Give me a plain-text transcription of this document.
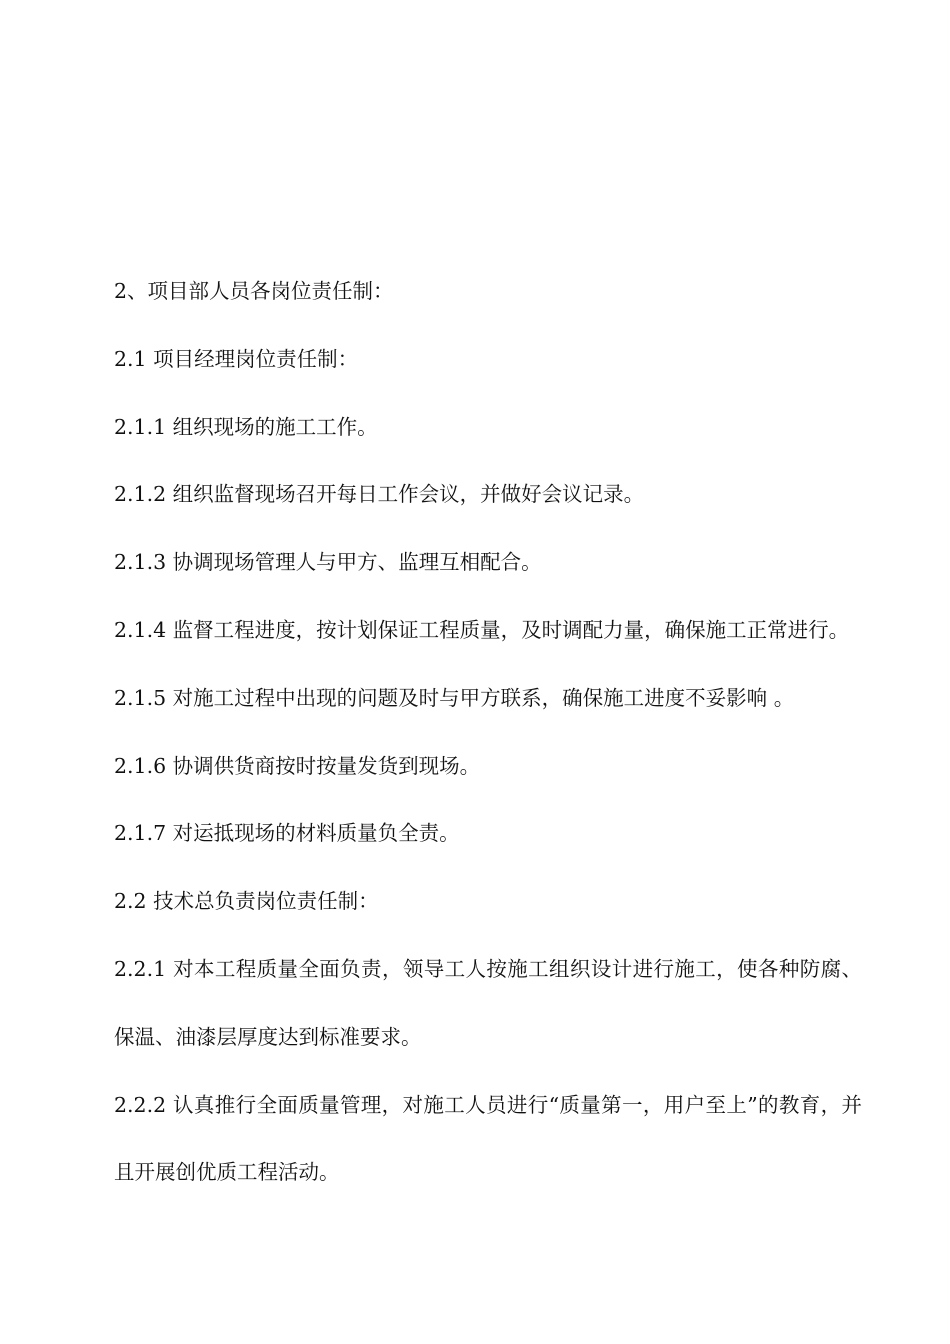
2、项目部人员各岗位责任制：

2.1 项目经理岗位责任制：

2.1.1 组织现场的施工工作。

2.1.2 组织监督现场召开每日工作会议，并做好会议记录。

2.1.3 协调现场管理人与甲方、监理互相配合。

2.1.4 监督工程进度，按计划保证工程质量，及时调配力量，确保施工正常进行。

2.1.5 对施工过程中出现的问题及时与甲方联系，确保施工进度不妥影响 。

2.1.6 协调供货商按时按量发货到现场。

2.1.7 对运抵现场的材料质量负全责。

2.2 技术总负责岗位责任制：

2.2.1 对本工程质量全面负责，领导工人按施工组织设计进行施工，使各种防腐、保温、油漆层厚度达到标准要求。

2.2.2 认真推行全面质量管理，对施工人员进行“质量第一，用户至上”的教育，并且开展创优质工程活动。
